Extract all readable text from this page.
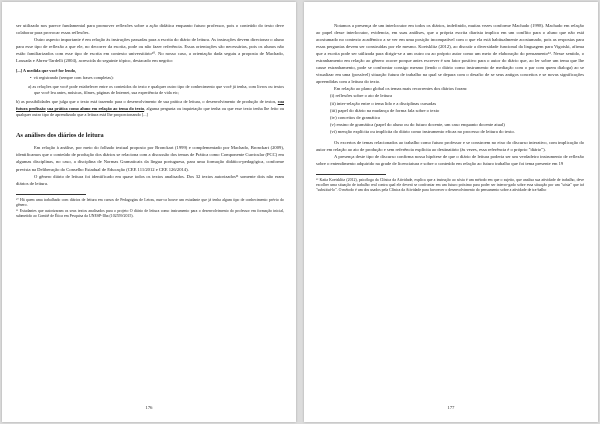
ser utilizado nos parece fundamental para promover reflexões sobre a ação didática enquanto futuro professor, pois o conteúdo do texto deve colaborar para provocar essas reflexões.

Outro aspecto importante é em relação às instruções passadas para a escrita do diário de leitura. As instruções devem direcionar o aluno para esse tipo de reflexão a que ele, no decorrer da escrita, pode ou não fazer referência. Essas orientações são necessárias, pois os alunos não estão familiarizados com esse tipo de escrita em contexto universitário¹⁰. No nosso caso, a orientação dada seguiu a proposta de Machado, Lousada e Abreu-Tardelli (2004), acrescida do seguinte tópico, destacado em negrito:

[...] A medida que você for lendo,

•  vá registrando (sempre com frases completas):

a) as relações que você pode estabelecer entre os conteúdos do texto e qualquer outro tipo de conhecimento que você já tenha, com livros ou textos que você leu antes, músicas, filmes, páginas de Internet, sua experiência de vida etc;

b) as possibilidades que julga que o texto está trazendo para o desenvolvimento de sua prática de leitura, o desenvolvimento de produção de textos, sua futura profissão sua prática como aluno em relação ao tema do texto, alguma pergunta ou inquietação que tenha ou que esse texto tenha lhe feito ou qualquer outro tipo de aprendizado que a leitura está lhe proporcionando [...]

As análises dos diários de leitura

Em relação à análise, por meio do folhado textual proposto por Bronckart (1999) e complementado por Machado, Bronckart (2009), identificamos que o conteúdo de produção dos diários se relaciona com a discussão dos temas de Prática como Componente Curricular (PCC) em algumas disciplinas, no caso, a disciplina de Normas Gramaticais da língua portuguesa, para uma formação didático-pedagógica, conforme prevista na Deliberação do Conselho Estadual de Educação (CEE 111/2012 e CEE 126/2014).

O gênero diário de leitura foi identificado em quase todos os textos analisados. Dos 32 textos autorizados¹¹ somente dois não eram diários de leitura.

¹⁰ Há quem uma trabalhado com diários de leitura em cursos de Pedagogias de Letras, nun-ca houve um estudante que já tenha algum tipo de conhecimento prévio do gênero.

¹¹ Estudantes que autorizaram os seus textos analisados para o projeto O diário de leitura como instrumento para o desenvolvimento do professor em formação inicial, submetido ao Comitê de Ética em Pesquisa da UNESP-Ilha (102559/2015).

176

Notamos a presença de um interlocutor em todos os diários, indefinido, muitas vezes conforme Machado (1998). Machado em relação ao papel desse interlocutor, evidencia, em suas análises, que a própria escrita diarista implica em um conflito para o aluno que não está acostumado no contexto acadêmico a se ver em uma posição incompatível com o que ela está habitualmente acostumado, pois as respostas para essas perguntas devem ser construídas por ele mesmo. Koetsklitz (2012), ao discutir a diversidade funcional da linguagem para Vigotski, afirma que a escrita pode ser utilizada para dirigir-se a um outro ou ao próprio autor como um meio de elaboração do pensamento¹². Nesse sentido, o estranhamento em relação ao gênero ocorre porque antes escrever é um fator positivo para o autor do diário que, ao ler sobre um tema que lhe cause estranhamento, pode se confrontar consigo mesmo (tendo o diário como instrumento de mediação com o par com quem dialoga) ao se visualizar em uma (possível) situação futura de trabalho na qual se depara com o desafio de se seus antigos conceitos e se novas significações apreendidas com a leitura do texto.

Em relação ao plano global os temas mais recorrentes dos diários foram:

(i) reflexões sobre o ato de leitura

(ii) inter-relação entre o tema lido e a disciplinas cursadas

(iii) papel do diário na mudança de forma fala sobre o texto

(iv) conceitos de gramática

(v) ensino de gramática (papel do aluno ou do futuro docente, um caso enquanto docente atual)

(vi) menção explícita ou implícita do diário como instrumento eficaz no processo de leitura do texto.

Os excertos de temas relacionados ao trabalho como futuro professor e se constroem no eixo do discurso interativo, com implicação do autor em relação ao ato de produção e sem referência explícita ao destinatário (às vezes, essa referência é o próprio "diário").

A presença deste tipo de discurso confirma nossa hipótese de que o diário de leitura poderia ser um verdadeiro instrumento de reflexão sobre o entendimento adquirido na grade de licenciatura e sobre o conteúdo em relação ao futuro trabalho que foi tema presente em 19

¹² Katia Koetsklitz (2012), psicóloga da Clínica da Atividade, explica que a instrução ao sósia é um método em que o sujeito, que analisa sua atividade de trabalho, deve escolher uma situação de trabalho real contra qual ele deverá se confrontar em um futuro próximo para poder ser interro-gado sobre essa situação por um "sósia" que irá "substituí-lo". O método é um dos usados pela Clínica da Atividade para favorecer o desenvolvimento do pensamento sobre a atividade de tra-balho

177
